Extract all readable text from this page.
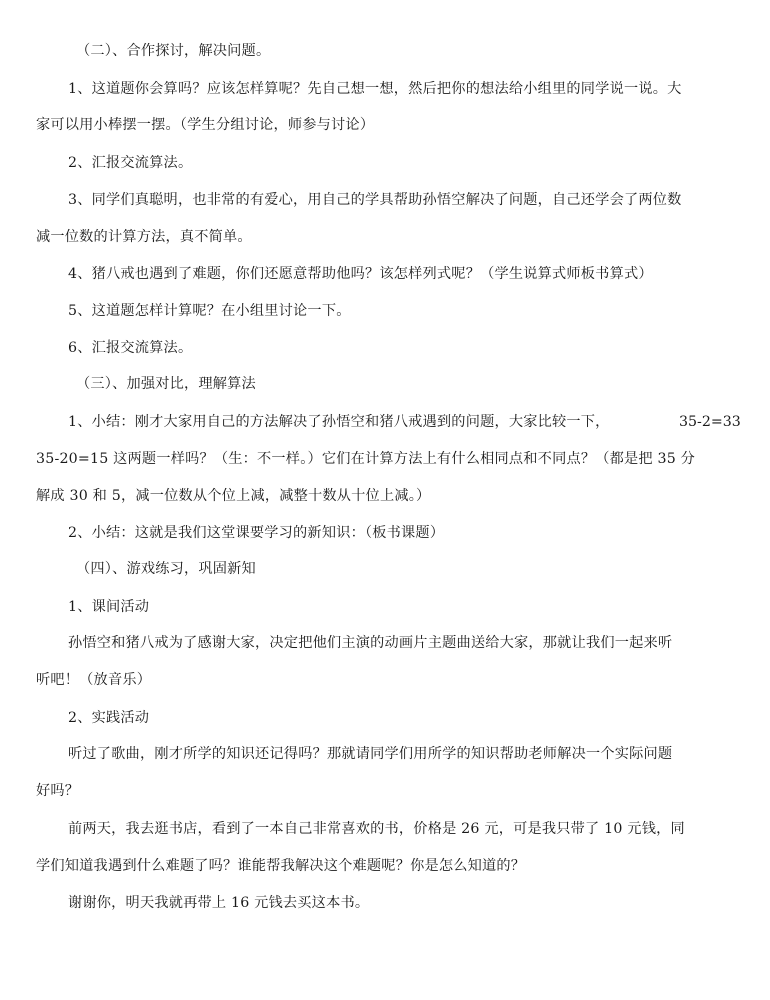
（二）、合作探讨，解决问题。
1、这道题你会算吗？应该怎样算呢？先自己想一想，然后把你的想法给小组里的同学说一说。大
家可以用小棒摆一摆。（学生分组讨论，师参与讨论）
2、汇报交流算法。
3、同学们真聪明，也非常的有爱心，用自己的学具帮助孙悟空解决了问题，自己还学会了两位数
减一位数的计算方法，真不简单。
4、猪八戒也遇到了难题，你们还愿意帮助他吗？该怎样列式呢？（学生说算式师板书算式）
5、这道题怎样计算呢？在小组里讨论一下。
6、汇报交流算法。
（三）、加强对比，理解算法
1、小结：刚才大家用自己的方法解决了孙悟空和猪八戒遇到的问题，大家比较一下，	35-2=33
35-20=15 这两题一样吗？（生：不一样。）它们在计算方法上有什么相同点和不同点？（都是把 35 分
解成 30 和 5，减一位数从个位上减，减整十数从十位上减。）
2、小结：这就是我们这堂课要学习的新知识：（板书课题）
（四）、游戏练习，巩固新知
1、课间活动
孙悟空和猪八戒为了感谢大家，决定把他们主演的动画片主题曲送给大家，那就让我们一起来听
听吧！（放音乐）
2、实践活动
听过了歌曲，刚才所学的知识还记得吗？那就请同学们用所学的知识帮助老师解决一个实际问题
好吗？
前两天，我去逛书店，看到了一本自己非常喜欢的书，价格是 26 元，可是我只带了 10 元钱，同
学们知道我遇到什么难题了吗？谁能帮我解决这个难题呢？你是怎么知道的？
谢谢你，明天我就再带上 16 元钱去买这本书。
